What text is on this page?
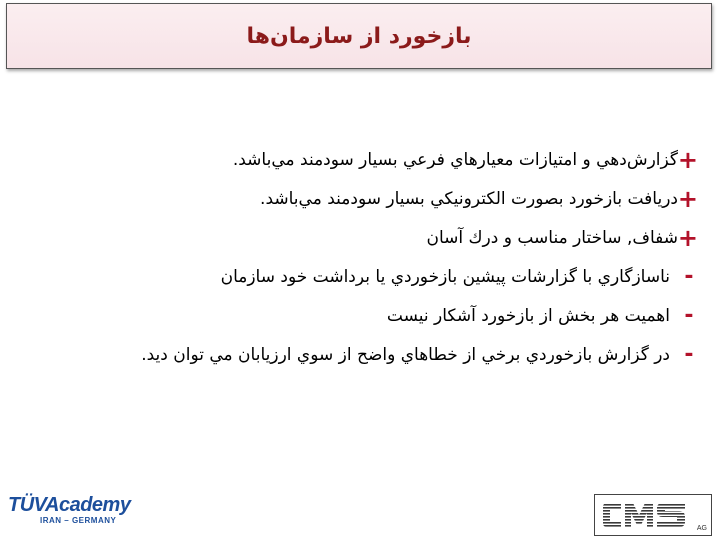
بازخورد از سازمان‌ها
+
گزارش‌دهي و امتيازات معيارهاي فرعي بسيار سودمند مي‌باشد.
+
دريافت بازخورد بصورت الكترونيكي بسيار سودمند مي‌باشد.
+
شفاف, ساختار مناسب و درك آسان
-
ناسازگاري با گزارشات پيشين بازخوردي يا برداشت خود سازمان
-
اهميت هر بخش از بازخورد آشكار نيست
-
در گزارش بازخوردي برخي از خطاهاي واضح از سوي ارزيابان مي توان ديد.
TÜVAcademy
IRAN – GERMANY
AG
